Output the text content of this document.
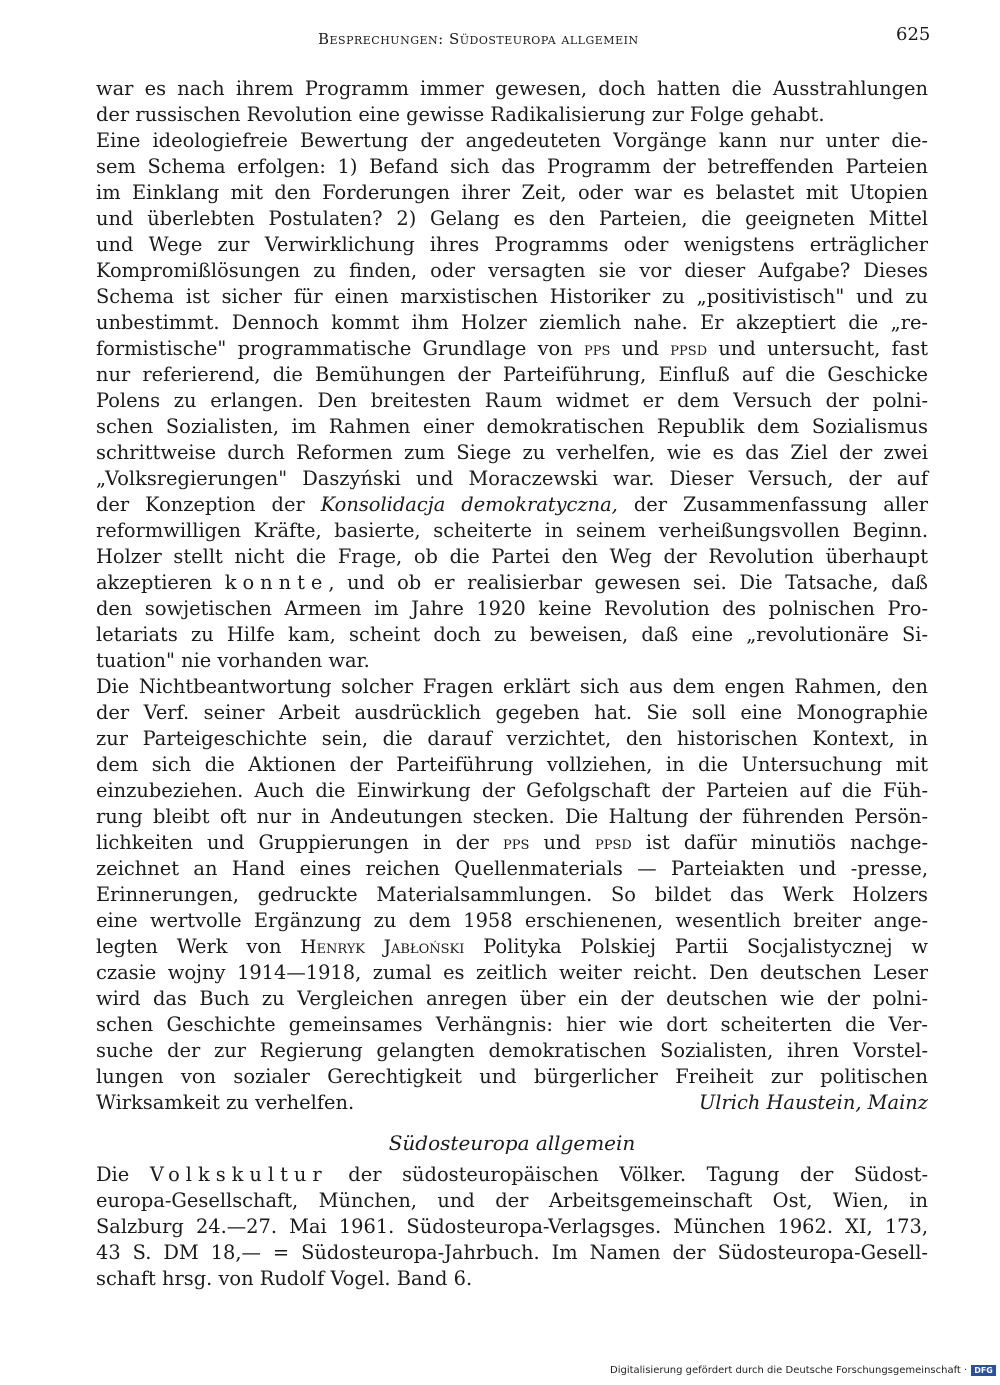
Besprechungen: Südosteuropa allgemein	625
war es nach ihrem Programm immer gewesen, doch hatten die Ausstrahlungen
der russischen Revolution eine gewisse Radikalisierung zur Folge gehabt.
Eine ideologiefreie Bewertung der angedeuteten Vorgänge kann nur unter die-
sem Schema erfolgen: 1) Befand sich das Programm der betreffenden Parteien
im Einklang mit den Forderungen ihrer Zeit, oder war es belastet mit Utopien
und überlebten Postulaten? 2) Gelang es den Parteien, die geeigneten Mittel
und Wege zur Verwirklichung ihres Programms oder wenigstens erträglicher
Kompromißlösungen zu finden, oder versagten sie vor dieser Aufgabe? Dieses
Schema ist sicher für einen marxistischen Historiker zu „positivistisch" und zu
unbestimmt. Dennoch kommt ihm Holzer ziemlich nahe. Er akzeptiert die „re-
formistische" programmatische Grundlage von pps und ppsd und untersucht, fast
nur referierend, die Bemühungen der Parteiführung, Einfluß auf die Geschicke
Polens zu erlangen. Den breitesten Raum widmet er dem Versuch der polni-
schen Sozialisten, im Rahmen einer demokratischen Republik dem Sozialismus
schrittweise durch Reformen zum Siege zu verhelfen, wie es das Ziel der zwei
„Volksregierungen" Daszyński und Moraczewski war. Dieser Versuch, der auf
der Konzeption der Konsolidacja demokratyczna, der Zusammenfassung aller
reformwilligen Kräfte, basierte, scheiterte in seinem verheißungsvollen Beginn.
Holzer stellt nicht die Frage, ob die Partei den Weg der Revolution überhaupt
akzeptieren konnte, und ob er realisierbar gewesen sei. Die Tatsache, daß
den sowjetischen Armeen im Jahre 1920 keine Revolution des polnischen Pro-
letariats zu Hilfe kam, scheint doch zu beweisen, daß eine „revolutionäre Si-
tuation" nie vorhanden war.
Die Nichtbeantwortung solcher Fragen erklärt sich aus dem engen Rahmen, den
der Verf. seiner Arbeit ausdrücklich gegeben hat. Sie soll eine Monographie
zur Parteigeschichte sein, die darauf verzichtet, den historischen Kontext, in
dem sich die Aktionen der Parteiführung vollziehen, in die Untersuchung mit
einzubeziehen. Auch die Einwirkung der Gefolgschaft der Parteien auf die Füh-
rung bleibt oft nur in Andeutungen stecken. Die Haltung der führenden Persön-
lichkeiten und Gruppierungen in der pps und ppsd ist dafür minutiös nachge-
zeichnet an Hand eines reichen Quellenmaterials — Parteiakten und -presse,
Erinnerungen, gedruckte Materialsammlungen. So bildet das Werk Holzers
eine wertvolle Ergänzung zu dem 1958 erschienenen, wesentlich breiter ange-
legten Werk von Henryk Jabłoński Polityka Polskiej Partii Socjalistycznej w
czasie wojny 1914—1918, zumal es zeitlich weiter reicht. Den deutschen Leser
wird das Buch zu Vergleichen anregen über ein der deutschen wie der polni-
schen Geschichte gemeinsames Verhängnis: hier wie dort scheiterten die Ver-
suche der zur Regierung gelangten demokratischen Sozialisten, ihren Vorstel-
lungen von sozialer Gerechtigkeit und bürgerlicher Freiheit zur politischen
Wirksamkeit zu verhelfen.	Ulrich Haustein, Mainz
Südosteuropa allgemein
Die Volkskultur der südosteuropäischen Völker. Tagung der Südost-
europa-Gesellschaft, München, und der Arbeitsgemeinschaft Ost, Wien, in
Salzburg 24.—27. Mai 1961. Südosteuropa-Verlagsges. München 1962. XI, 173,
43 S. DM 18,— = Südosteuropa-Jahrbuch. Im Namen der Südosteuropa-Gesell-
schaft hrsg. von Rudolf Vogel. Band 6.
Digitalisierung gefördert durch die Deutsche Forschungsgemeinschaft · DFG
